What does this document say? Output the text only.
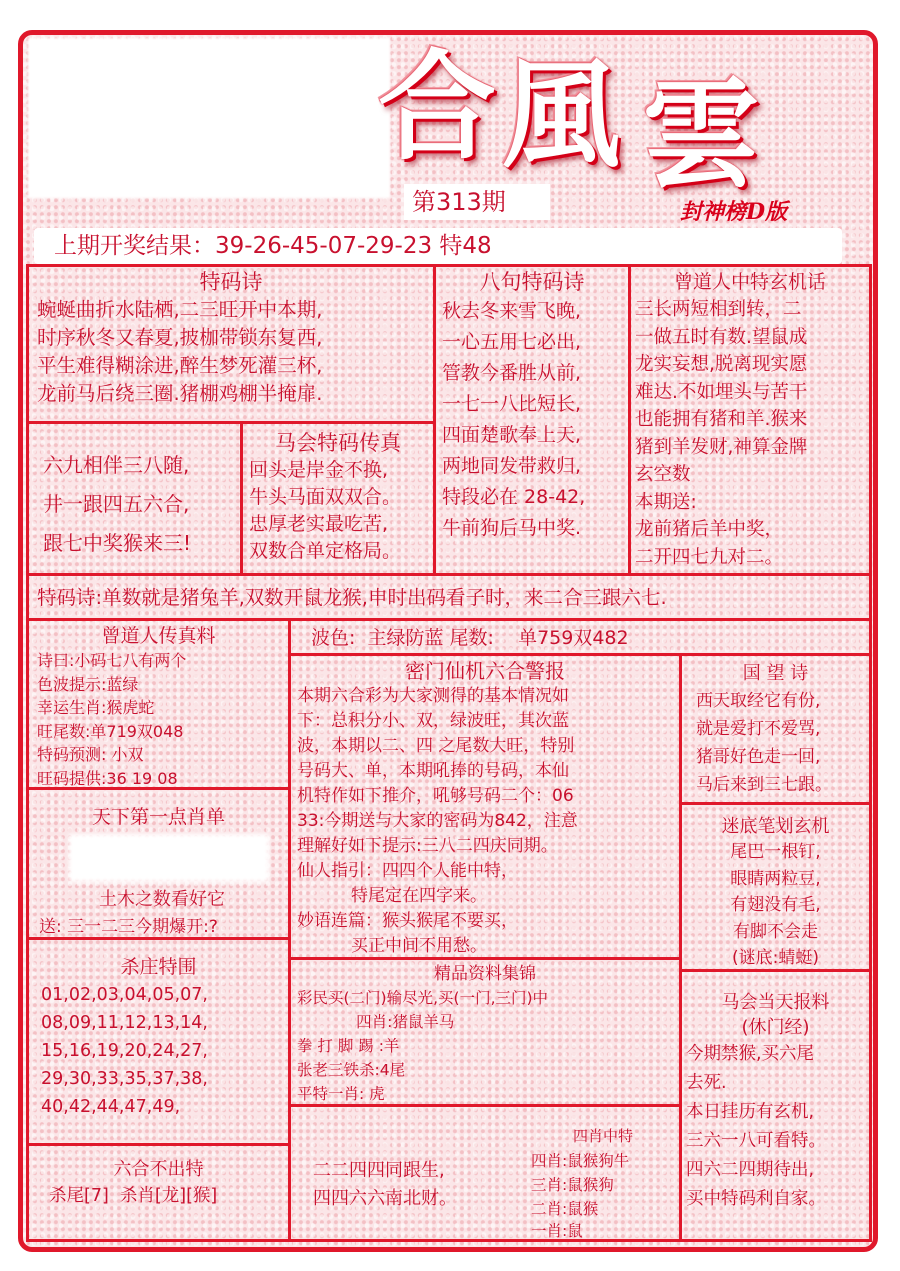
合 風 雲
第313期	封神榜D版
上期开奖结果：39-26-45-07-29-23 特48
特码诗
蜿蜒曲折水陆栖,二三旺开中本期,
时序秋冬又春夏,披枷带锁东复西,
平生难得糊涂进,醉生梦死灌三杯,
龙前马后绕三圈.猪棚鸡棚半掩扉.
八句特码诗
秋去冬来雪飞晚,
一心五用七必出,
管教今番胜从前,
一七一八比短长,
四面楚歌奉上天,
两地同发带救归,
特段必在 28-42,
牛前狗后马中奖.
曾道人中特玄机话
三长两短相到转，二
一做五时有数.望鼠成
龙实妄想,脱离现实愿
难达.不如埋头与苦干
也能拥有猪和羊.猴来
猪到羊发财,神算金牌
玄空数
本期送:
龙前猪后羊中奖，
二开四七九对二。
六九相伴三八随,
井一跟四五六合,
跟七中奖猴来三!
马会特码传真
回头是岸金不换,
牛头马面双双合。
忠厚老实最吃苦,
双数合单定格局。
特码诗:单数就是猪兔羊,双数开鼠龙猴,申时出码看子时，来二合三跟六七.
曾道人传真料
诗曰:小码七八有两个
色波提示:蓝绿
幸运生肖:猴虎蛇
旺尾数:单719双048
特码预测: 小双
旺码提供:36 19 08
波色:  主绿防蓝 尾数:    单759双482
密门仙机六合警报
本期六合彩为大家测得的基本情况如
下：总积分小、双，绿波旺，其次蓝
波，本期以二、四 之尾数大旺，特别
号码大、单，本期吼捧的号码，本仙
机特作如下推介，吼够号码二个：06
33:今期送与大家的密码为842，注意
理解好如下提示:三八二四庆同期。
仙人指引：四四个人能中特，
特尾定在四字来。
妙语连篇：猴头猴尾不要买，
买正中间不用愁。
国 望 诗
西天取经它有份,
就是爱打不爱骂,
猪哥好色走一回,
马后来到三七跟。
天下第一点肖单
土木之数看好它
送: 三一二三今期爆开:?
迷底笔划玄机
尾巴一根钉,
眼睛两粒豆,
有翅没有毛,
有脚不会走
(谜底:蜻蜓)
杀庄特围
01,02,03,04,05,07,
08,09,11,12,13,14,
15,16,19,20,24,27,
29,30,33,35,37,38,
40,42,44,47,49,
精品资料集锦
彩民买(二门)输尽光,买(一门,三门)中
四肖:猪鼠羊马
拳 打 脚 踢 :羊
张老三铁杀:4尾
平特一肖: 虎
马会当天报料
(休门经)
今期禁猴,买六尾
去死.
本日挂历有玄机,
三六一八可看特。
四六二四期待出,
买中特码利自家。
六合不出特
杀尾[7]  杀肖[龙][猴]
二二四四同跟生,
四四六六南北财。
四肖中特
四肖:鼠猴狗牛
三肖:鼠猴狗
二肖:鼠猴
一肖:鼠
